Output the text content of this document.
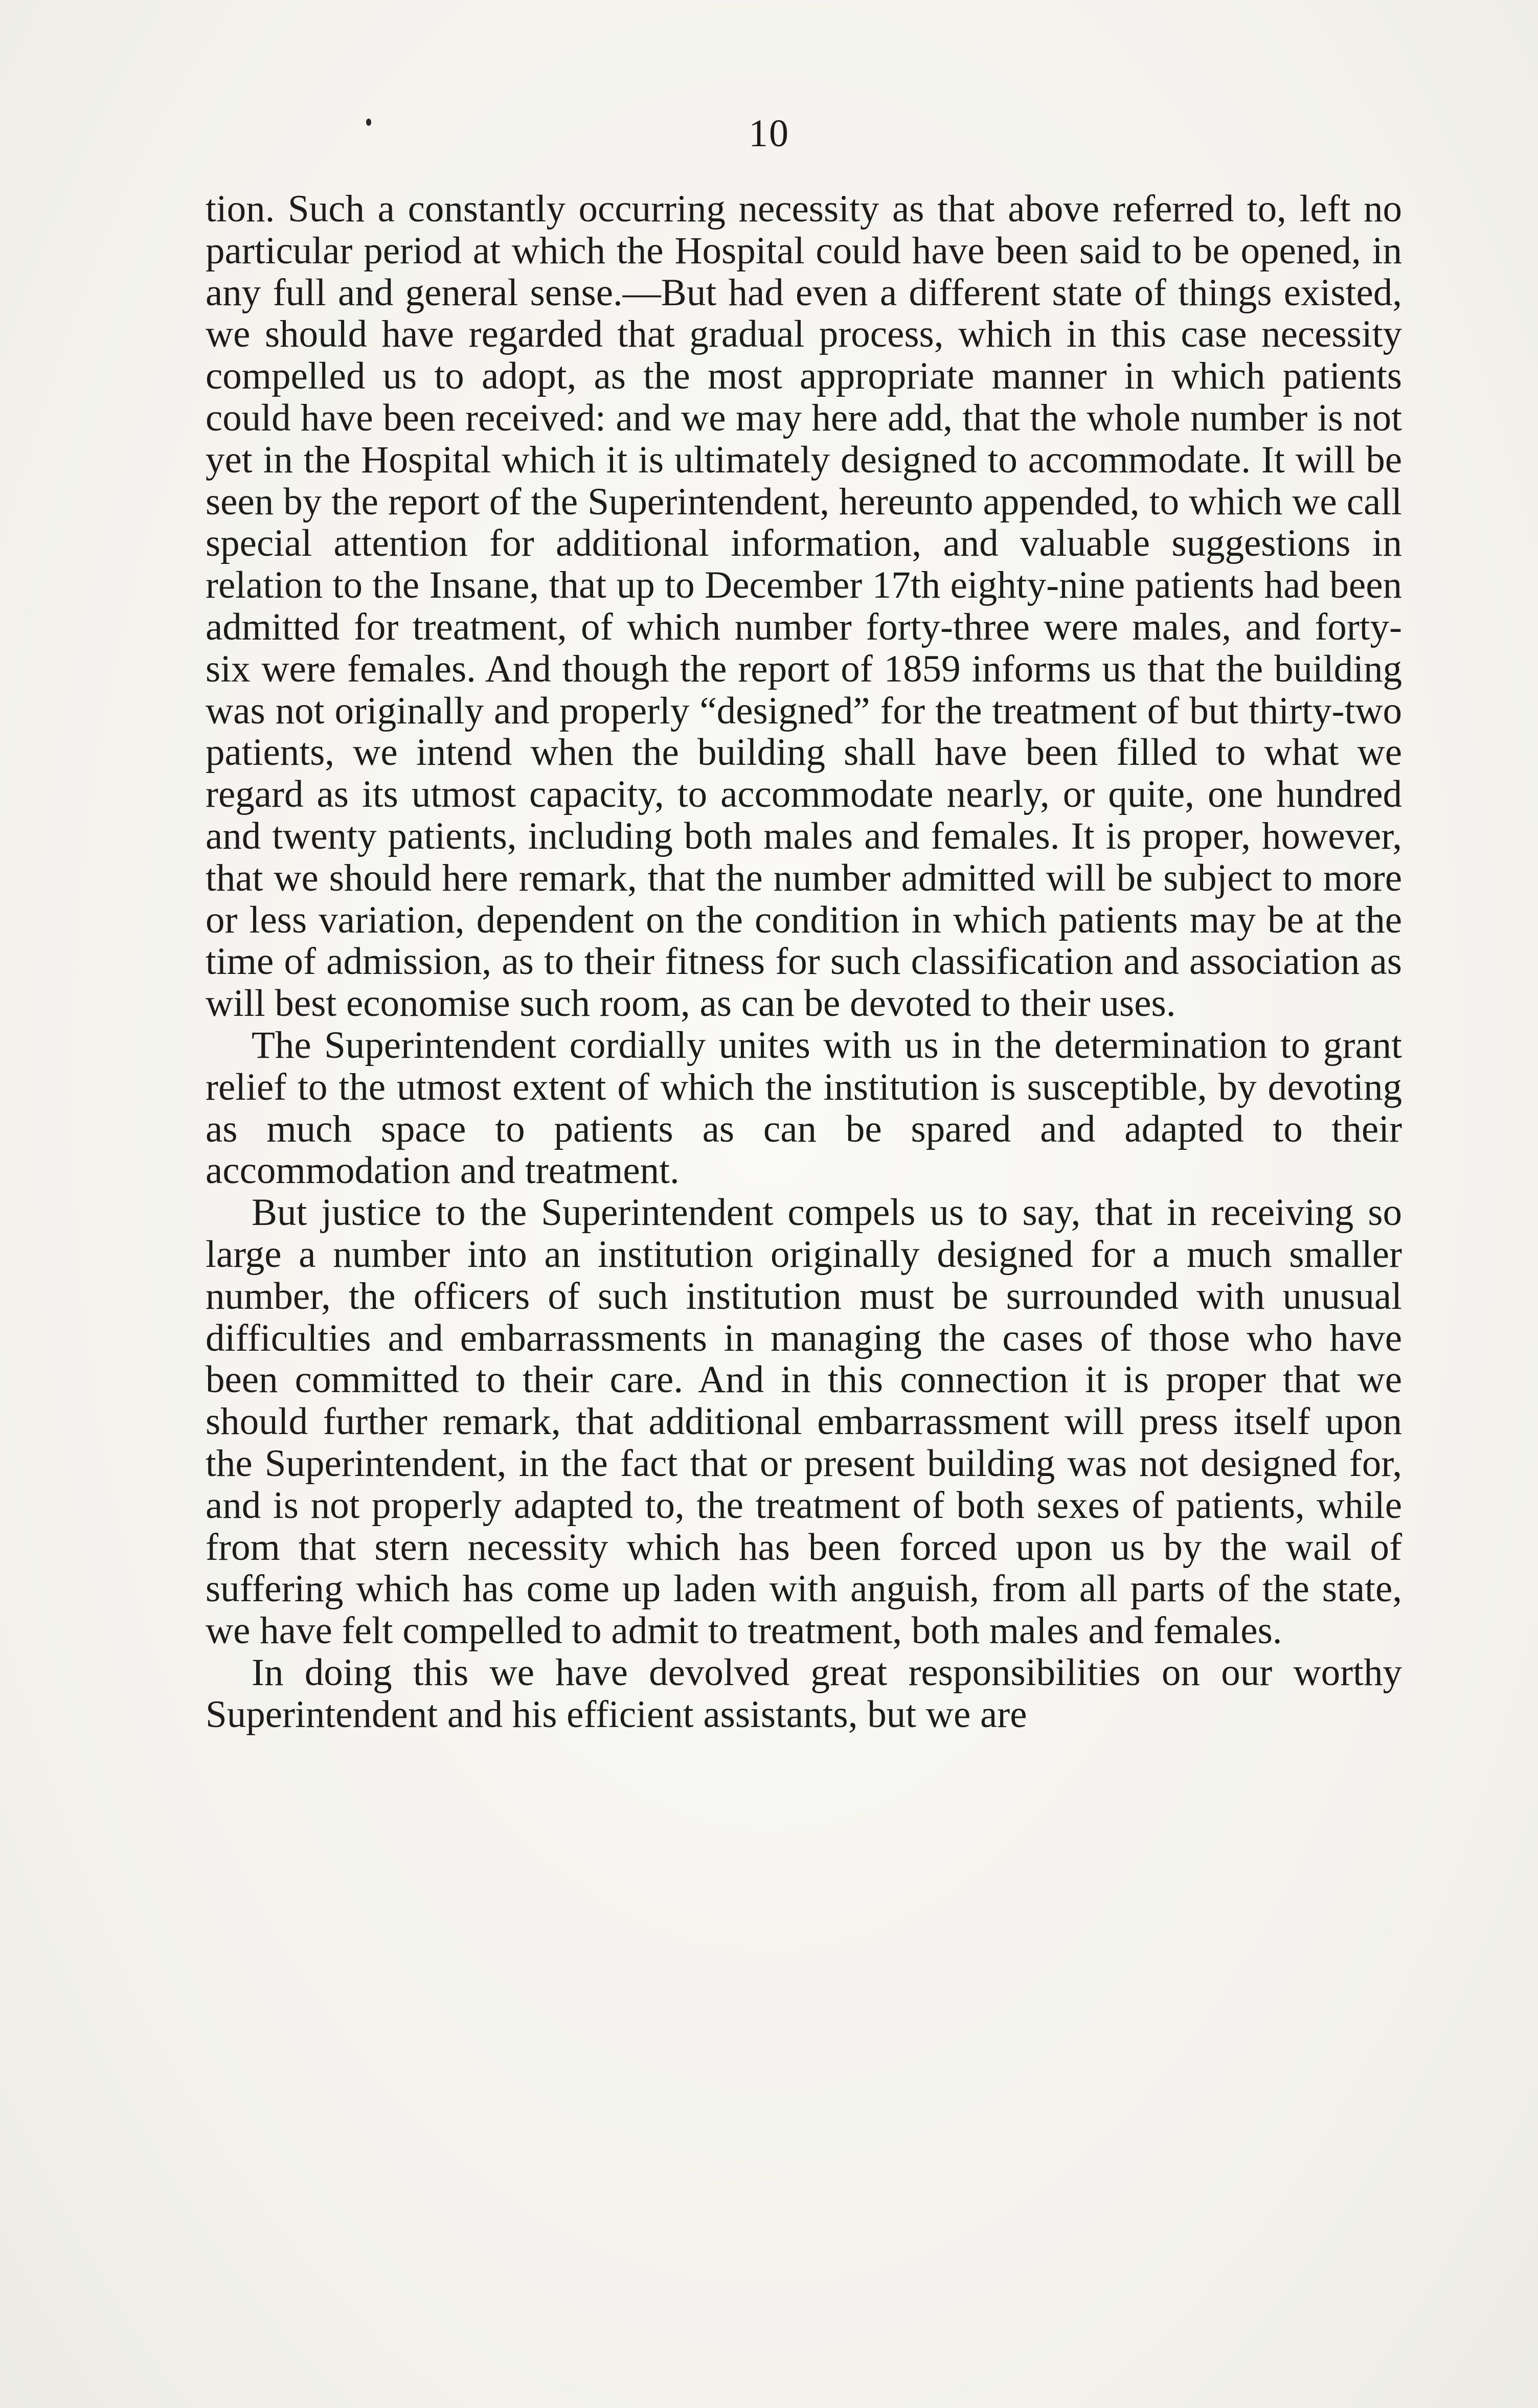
10

tion. Such a constantly occurring necessity as that above referred to, left no particular period at which the Hospital could have been said to be opened, in any full and general sense.—But had even a different state of things existed, we should have regarded that gradual process, which in this case necessity compelled us to adopt, as the most appropriate manner in which patients could have been received: and we may here add, that the whole number is not yet in the Hospital which it is ultimately designed to accommodate. It will be seen by the report of the Superintendent, hereunto appended, to which we call special attention for additional information, and valuable suggestions in relation to the Insane, that up to December 17th eighty-nine patients had been admitted for treatment, of which number forty-three were males, and forty-six were females. And though the report of 1859 informs us that the building was not originally and properly “designed” for the treatment of but thirty-two patients, we intend when the building shall have been filled to what we regard as its utmost capacity, to accommodate nearly, or quite, one hundred and twenty patients, including both males and females. It is proper, however, that we should here remark, that the number admitted will be subject to more or less variation, dependent on the condition in which patients may be at the time of admission, as to their fitness for such classification and association as will best economise such room, as can be devoted to their uses.

The Superintendent cordially unites with us in the determination to grant relief to the utmost extent of which the institution is susceptible, by devoting as much space to patients as can be spared and adapted to their accommodation and treatment.

But justice to the Superintendent compels us to say, that in receiving so large a number into an institution originally designed for a much smaller number, the officers of such institution must be surrounded with unusual difficulties and embarrassments in managing the cases of those who have been committed to their care. And in this connection it is proper that we should further remark, that additional embarrassment will press itself upon the Superintendent, in the fact that or present building was not designed for, and is not properly adapted to, the treatment of both sexes of patients, while from that stern necessity which has been forced upon us by the wail of suffering which has come up laden with anguish, from all parts of the state, we have felt compelled to admit to treatment, both males and females.

In doing this we have devolved great responsibilities on our worthy Superintendent and his efficient assistants, but we are
